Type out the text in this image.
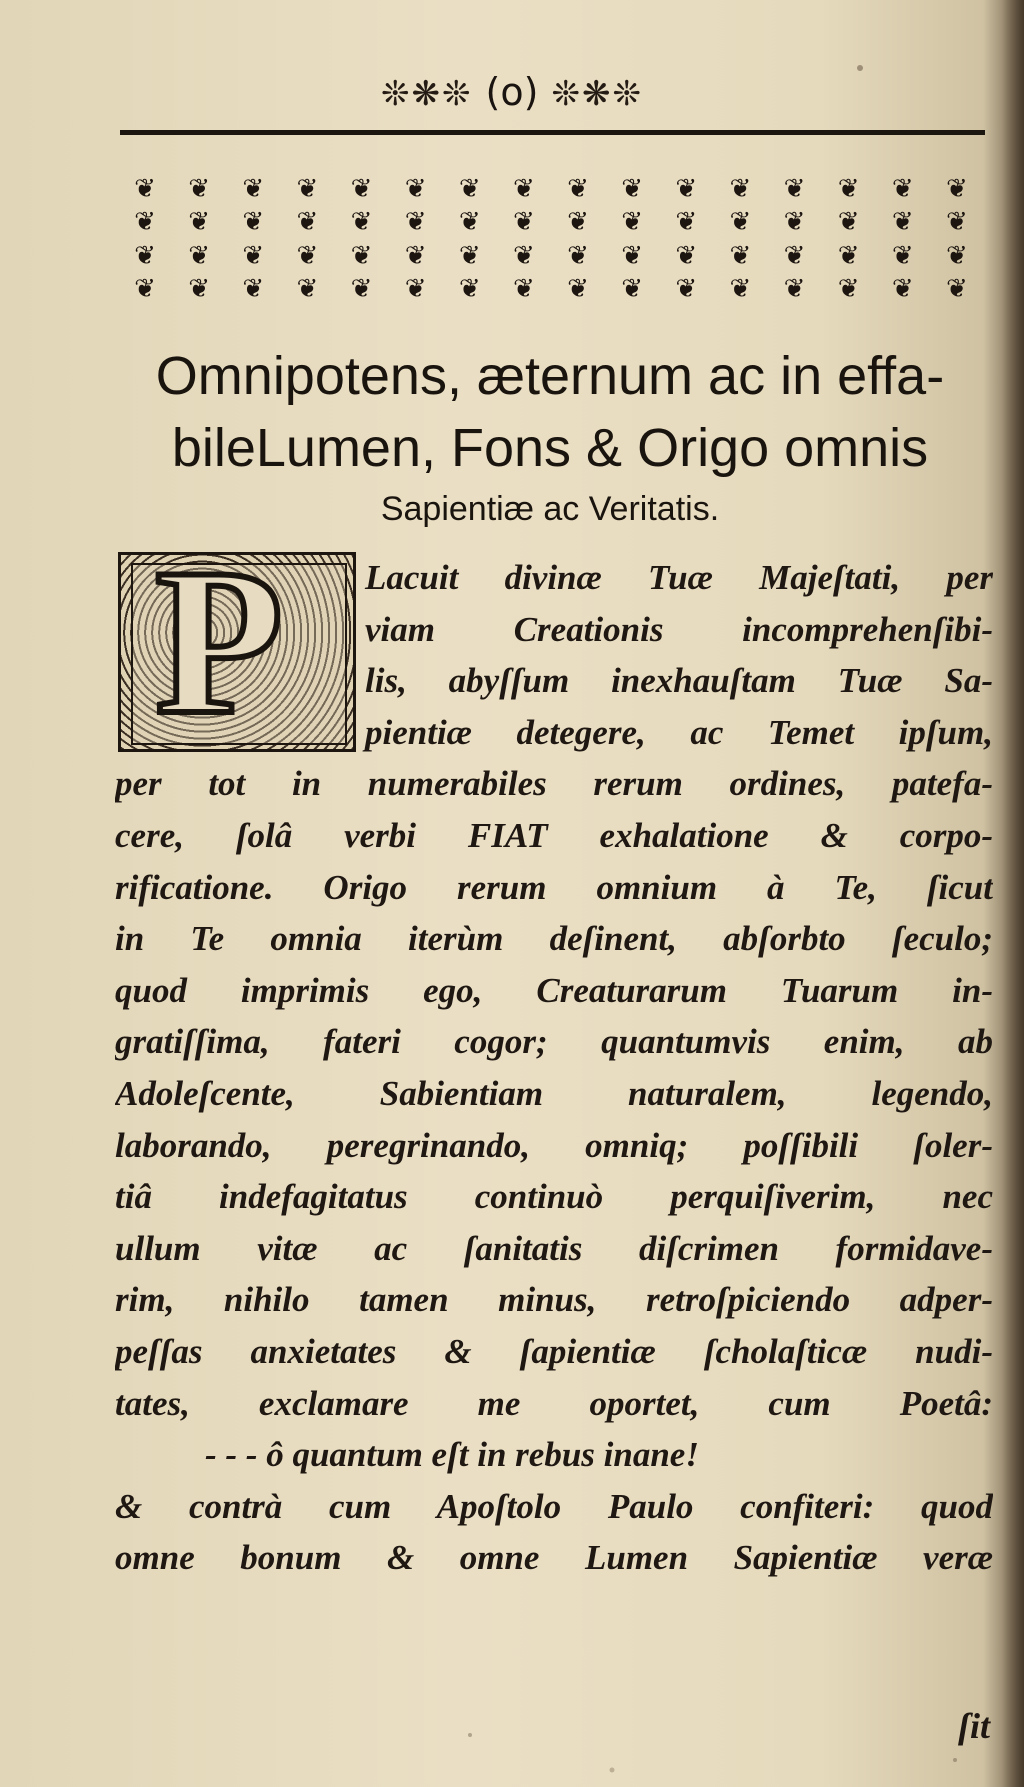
❊❋❊ (o) ❊❋❊
❦	❦	❦	❦	❦	❦	❦	❦	❦	❦	❦	❦	❦	❦	❦	❦
❦	❦	❦	❦	❦	❦	❦	❦	❦	❦	❦	❦	❦	❦	❦	❦
❦	❦	❦	❦	❦	❦	❦	❦	❦	❦	❦	❦	❦	❦	❦	❦
❦	❦	❦	❦	❦	❦	❦	❦	❦	❦	❦	❦	❦	❦	❦	❦
Omnipotens, æternum ac in effa-
bileLumen, Fons & Origo omnis
Sapientiæ ac Veritatis.
Lacuit divinæ Tuæ Majeſtati, per
viam Creationis incomprehenſibi-
lis, abyſſum inexhauſtam Tuæ Sa-
pientiæ detegere, ac Temet ipſum,
per tot in numerabiles rerum ordines, patefa-
cere, ſolâ verbi FIAT exhalatione & corpo-
rificatione. Origo rerum omnium à Te, ſicut
in Te omnia iterùm deſinent, abſorbto ſeculo;
quod imprimis ego, Creaturarum Tuarum in-
gratiſſima, fateri cogor; quantumvis enim, ab
Adoleſcente, Sabientiam naturalem, legendo,
laborando, peregrinando, omniq; poſſibili ſoler-
tiâ indefagitatus continuò perquiſiverim, nec
ullum vitæ ac ſanitatis diſcrimen formidave-
rim, nihilo tamen minus, retroſpiciendo adper-
peſſas anxietates & ſapientiæ ſcholaſticæ nudi-
tates, exclamare me oportet, cum Poetâ:
- - - ô quantum eſt in rebus inane!
& contrà cum Apoſtolo Paulo confiteri: quod
omne bonum & omne Lumen Sapientiæ veræ
P
ſit
